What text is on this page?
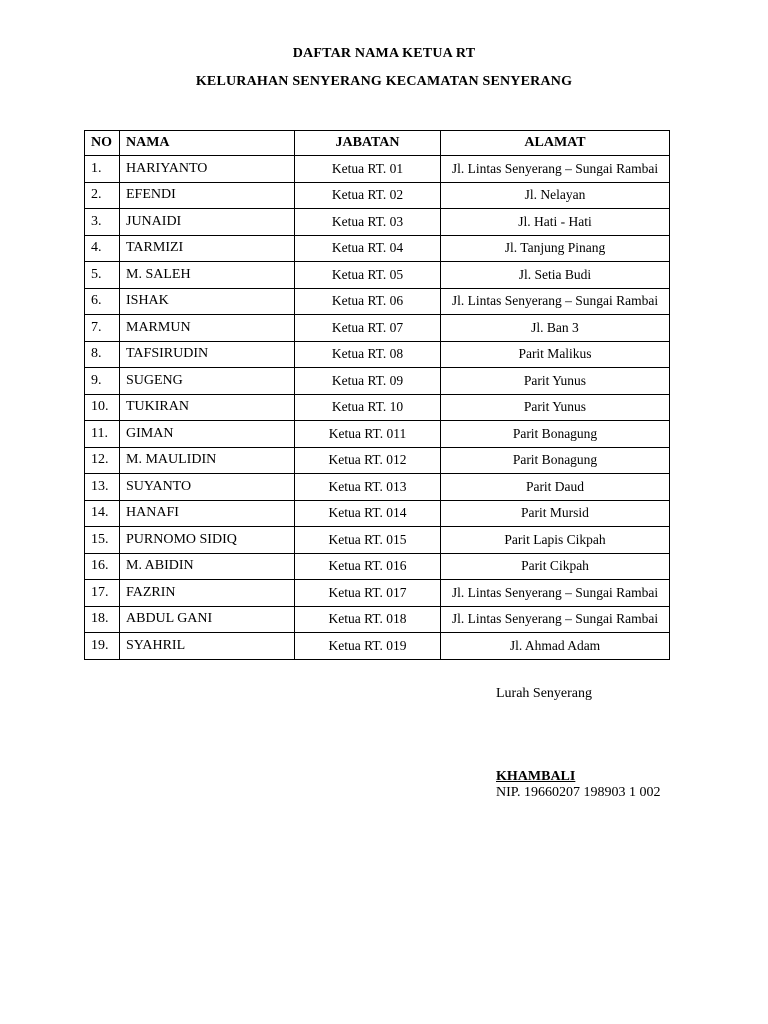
DAFTAR NAMA KETUA RT
KELURAHAN SENYERANG KECAMATAN SENYERANG
NO	NAMA	JABATAN	ALAMAT
1.	HARIYANTO	Ketua RT. 01	Jl. Lintas Senyerang – Sungai Rambai
2.	EFENDI	Ketua RT. 02	Jl. Nelayan
3.	JUNAIDI	Ketua RT. 03	Jl. Hati - Hati
4.	TARMIZI	Ketua RT. 04	Jl. Tanjung Pinang
5.	M. SALEH	Ketua RT. 05	Jl. Setia Budi
6.	ISHAK	Ketua RT. 06	Jl. Lintas Senyerang – Sungai Rambai
7.	MARMUN	Ketua RT. 07	Jl. Ban 3
8.	TAFSIRUDIN	Ketua RT. 08	Parit Malikus
9.	SUGENG	Ketua RT. 09	Parit Yunus
10.	TUKIRAN	Ketua RT. 10	Parit Yunus
11.	GIMAN	Ketua RT. 011	Parit Bonagung
12.	M. MAULIDIN	Ketua RT. 012	Parit Bonagung
13.	SUYANTO	Ketua RT. 013	Parit Daud
14.	HANAFI	Ketua RT. 014	Parit Mursid
15.	PURNOMO SIDIQ	Ketua RT. 015	Parit Lapis Cikpah
16.	M. ABIDIN	Ketua RT. 016	Parit Cikpah
17.	FAZRIN	Ketua RT. 017	Jl. Lintas Senyerang – Sungai Rambai
18.	ABDUL GANI	Ketua RT. 018	Jl. Lintas Senyerang – Sungai Rambai
19.	SYAHRIL	Ketua RT. 019	Jl. Ahmad Adam
Lurah Senyerang
KHAMBALI
NIP. 19660207 198903 1 002
